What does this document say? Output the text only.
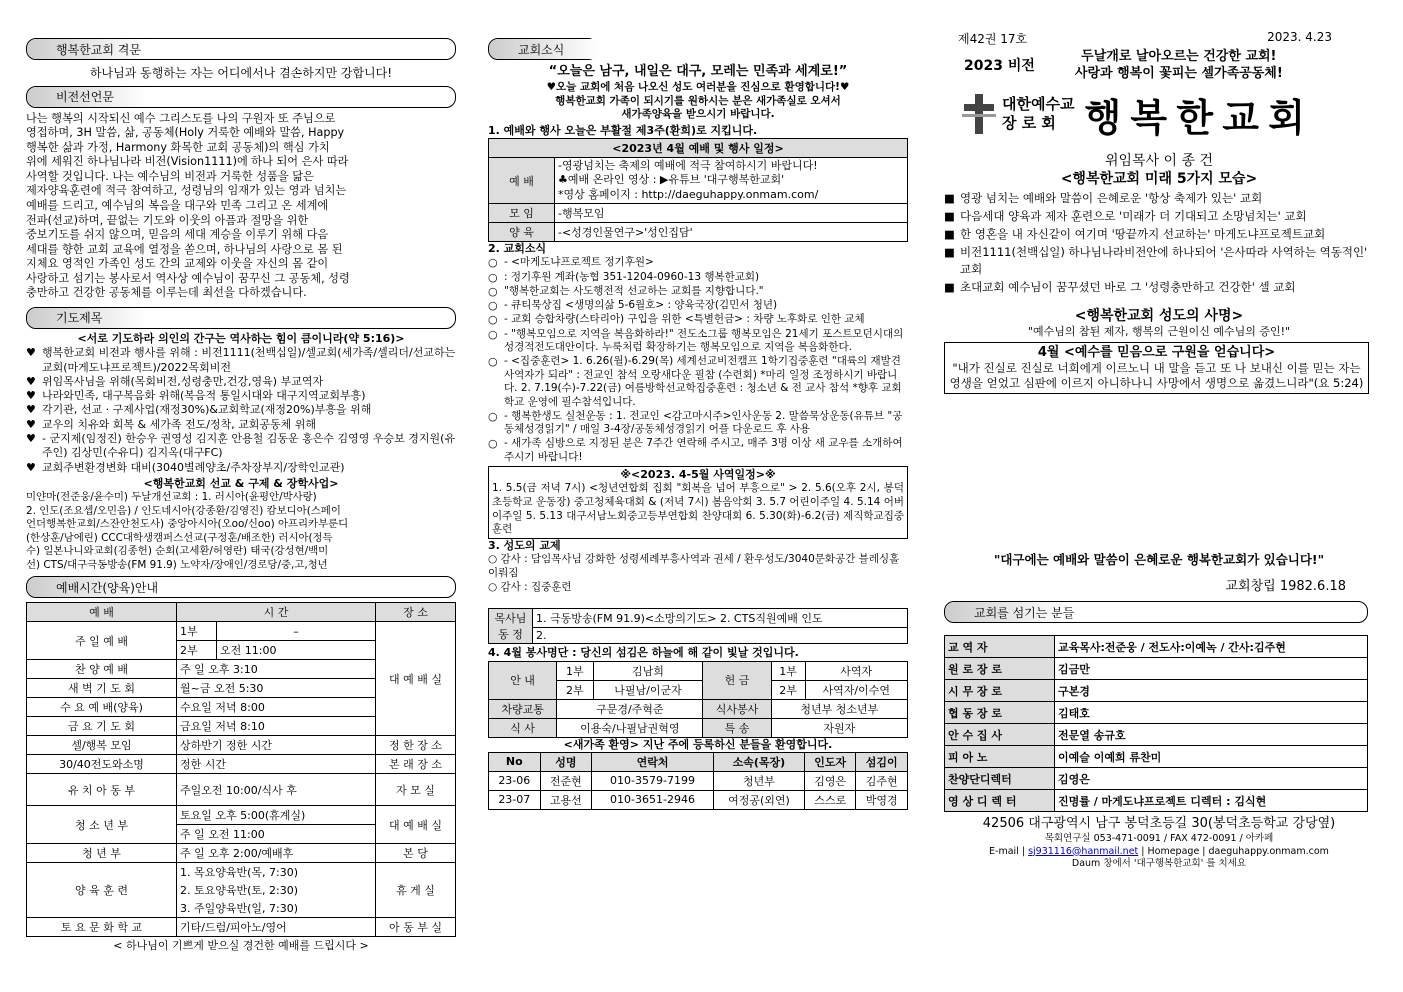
행복한교회 격문

하나님과 동행하는 자는 어디에서나 겸손하지만 강합니다!

비전선언문

나는 행복의 시작되신 예수 그리스도를 나의 구원자 또 주님으로

영접하며, 3H 말씀, 삶, 공동체(Holy 거룩한 예배와 말씀, Happy

행복한 삶과 가정, Harmony 화목한 교회 공동체)의 핵심 가치

위에 세워진 하나님나라 비전(Vision1111)에 하나 되어 은사 따라

사역할 것입니다. 나는 예수님의 비전과 거룩한 성품을 닮은

제자양육훈련에 적극 참여하고, 성령님의 임재가 있는 영과 넘치는

예배를 드리고, 예수님의 복음을 대구와 민족 그리고 온 세계에

전파(선교)하며, 끝없는 기도와 이웃의 아픔과 절망을 위한

중보기도를 쉬지 않으며, 믿음의 세대 계승을 이루기 위해 다음

세대를 향한 교회 교육에 열정을 쏟으며, 하나님의 사랑으로 몸 된

지체요 영적인 가족인 성도 간의 교제와 이웃을 자신의 몸 같이

사랑하고 섬기는 봉사로서 역사상 예수님이 꿈꾸신 그 공동체, 성령

충만하고 건강한 공동체를 이루는데 최선을 다하겠습니다.

기도제목

<서로 기도하라 의인의 간구는 역사하는 힘이 큼이니라(약 5:16)>

♥ 행복한교회 비전과 행사를 위해 : 비전1111(천백십일)/셀교회(세가족/셀리더/선교하는교회(마게도냐프로젝트)/2022목회비전
♥ 위임목사님을 위해(목회비전,성령충만,건강,영육) 부교역자
♥ 나라와민족, 대구복음화 위해(복음적 통일시대와 대구지역교회부흥)
♥ 각기관, 선교 · 구제사업(재정30%)&교회학교(재정20%)부흥을 위해
♥ 교우의 치유와 회복 & 세가족 전도/정착, 교회공동체 위해
♥ - 군지제(임정진) 한승우 권영성 김지훈 안용철 김동운 홍은수 김영영 우승보 경지원(유주인) 김상민(수유디) 김지옥(대구FC)
♥ 교회주변환경변화 대비(3040별례양초/주차장부지/장학인교관)

<행복한교회 선교 & 구제 & 장학사업>

미얀마(전준웅/윤수미) 두날개선교회 : 1. 러시아(윤평안/박사랑)

2. 인도(조요셉/오민음) / 인도네시아(강종환/김영진) 캄보디아(스페이

언더행복한교회/스잔안천도사) 중앙아시아(오oo/신oo) 아프리카부룬디

(한상훈/남에린) CCC대학생캠퍼스선교(구정훈/배조한) 러시아(정득

수) 일본나니와교회(김종헌) 순회(고세환/허영란) 태국(강성현/백미

선) CTS/대구극동방송(FM 91.9) 노약자/장애인/경로당/중,고,청년

예배시간(양육)안내
예 배	시 간		장 소
주 일 예 배	1부	–	대 예 배 실
	2부	오전 11:00	
찬 양 예 배	주 일 오후 3:10		
새 벽 기 도 회	월~금 오전 5:30		
수 요 예 배(양육)	수요일 저녁 8:00		
금 요 기 도 회	금요일 저녁 8:10		
셀/행복 모임	상하반기 정한 시간		정 한 장 소
30/40전도와소명	정한 시간		본 래 장 소
유 치 아 동 부	주일오전 10:00/식사 후		자 모 실
청 소 년 부	토요일 오후 5:00(휴계실)		대 예 배 실
	주 일 오전 11:00		
청 년 부	주 일 오후 2:00/예배후		본 당
양 육 훈 련	1. 목요양육반(목, 7:30)		휴 게 실
	2. 토요양육반(토, 2:30)		
	3. 주일양육반(일, 7:30)		
토 요 문 화 학 교	기타/드럼/피아노/영어		아 동 부 실

< 하나님이 기쁘게 받으실 경건한 예배를 드립시다 >

교회소식

“오늘은 남구, 내일은 대구, 모레는 민족과 세계로!”

♥오늘 교회에 처음 나오신 성도 여러분을 진심으로 환영합니다!♥

행복한교회 가족이 되시기를 원하시는 분은 새가족실로 오셔서

새가족양육을 받으시기 바랍니다.

1. 예배와 행사 오늘은 부활절 제3주(환희)로 지킵니다.

<2023년 4월 예배 및 행사 일정>	
예 배	-영광넘치는 축제의 예배에 적극 참여하시기 바랍니다!

♣예배 온라인 영상 : ▶유튜브 '대구행복한교회'

*영상 홈페이지 : http://daeguhappy.onmam.com/

모 임	-행복모임
양 육	-<성경인물연구>'성인집담'

2. 교회소식

○ - <마게도냐프로젝트 정기후원>
○ : 정기후원 계좌(농협 351-1204-0960-13 행복한교회)
○ "행복한교회는 사도행전적 선교하는 교회를 지향합니다."
○ - 큐티묵상집 <생명의삶 5-6월호> : 양육국장(김민서 청년)
○ - 교회 승합차량(스타리아) 구입을 위한 <특별헌금> : 차량 노후화로 인한 교체
○ - "행복모임으로 지역을 복음화하라!" 전도소그룹 행복모임은 21세기 포스트모던시대의 성경적전도대안이다. 누룩처럼 확장하기는 행복모임으로 지역을 복음화한다.
○ - <집중훈련> 1. 6.26(월)-6.29(목) 세계선교비전캠프 1학기집중훈련 "대륙의 재발견 사역자가 되라" : 전교인 참석 오랑새다운 필참 (수련회) *마리 일정 조정하시기 바랍니다. 2. 7.19(수)-7.22(금) 여름방학선교학집중훈련 : 청소년 & 전 교사 참석 *향후 교회학교 운영에 필수참석입니다.
○ - 행복한생도 실천운동 : 1. 전교인 <감고마시주>인사운동 2. 말씀묵상운동(유튜브 "공동체성경읽기" / 매일 3-4장/공동체성경읽기 어플 다운로드 후 사용
○ - 새가족 심방으로 지정된 분은 7주간 연락해 주시고, 매주 3명 이상 새 교우를 소개하여 주시기 바랍니다!

※<2023. 4-5월 사역일정>※

1. 5.5(금 저녁 7시) <청년연합회 집회 "회복을 넘어 부흥으로" > 2. 5.6(오후 2시, 봉덕초등학교 운동장) 중고청체육대회 & (저녁 7시) 봄음악회 3. 5.7 어린이주일 4. 5.14 어버이주일 5. 5.13 대구서남노회중고등부연합회 찬양대회 6. 5.30(화)-6.2(금) 제직학교집중훈련

3. 성도의 교제

○ 감사 : 담임목사님 강화한 성령세례부흥사역과 권세 / 환우성도/3040문화공간 블레싱홀 이뤄짐

○ 감사 : 집중훈련

목사님 동 정	1. 극동방송(FM 91.9)<소망의기도> 2. CTS직원예배 인도
2.

4. 4월 봉사명단 : 당신의 섬김은 하늘에 해 같이 빛날 것입니다.

안 내	1부	김남희	헌 금	1부	사역자
	2부	나필남/이군자		2부	사역자/이수연
차량교통	구문경/주혁준		식사봉사	청년부 청소년부	
식 사	이용숙/나필남권혁영		특 송	자원자	

<새가족 환영> 지난 주에 등록하신 분들을 환영합니다.

No	성명	연락처	소속(목장)	인도자	섬김이
23-06	전준현	010-3579-7199	청년부	김영은	김주현
23-07	고용선	010-3651-2946	여정공(외연)	스스로	박영경
제42권 17호	2023. 4.23
2023 비전

두날개로 날아오르는 건강한 교회!

사랑과 행복이 꽃피는 셀가족공동체!

대한예수교

장 로 회 행 복 한 교 회

위임목사 이 종 건

<행복한교회 미래 5가지 모습>

■ 영광 넘치는 예배와 말씀이 은혜로운 '항상 축제가 있는' 교회
■ 다음세대 양육과 제자 훈련으로 '미래가 더 기대되고 소망넘치는' 교회
■ 한 영혼을 내 자신같이 여기며 '땅끝까지 선교하는' 마게도냐프로젝트교회
■ 비전1111(천백십일) 하나님나라비전안에 하나되어 '은사따라 사역하는 역동적인' 교회
■ 초대교회 예수님이 꿈꾸셨던 바로 그 '성령충만하고 건강한' 셀 교회

<행복한교회 성도의 사명>

"예수님의 참된 제자, 행복의 근원이신 예수님의 증인!"

4월 <예수를 믿음으로 구원을 얻습니다>

"내가 진실로 진실로 너희에게 이르노니 내 말을 듣고 또 나 보내신 이를 믿는 자는 영생을 얻었고 심판에 이르지 아니하나니 사망에서 생명으로 옮겼느니라"(요 5:24)

"대구에는 예배와 말씀이 은혜로운 행복한교회가 있습니다!"

교회창립 1982.6.18

교회를 섬기는 분들
교 역 자	교육목사:전준웅 / 전도사:이예녹 / 간사:김주현
원 로 장 로	김금만
시 무 장 로	구본경
협 동 장 로	김태호
안 수 집 사	전문열 송규호
피 아 노	이예슬 이예희 류찬미
찬양단디렉터	김영은
영 상 디 렉 터	진명률 / 마게도냐프로젝트 디렉터 : 김식현

42506 대구광역시 남구 봉덕초등길 30(봉덕초등학교 강당옆)

목회연구실 053-471-0091 / FAX 472-0091 / 아카페

E-mail | sj931116@hanmail.net | Homepage | daeguhappy.onmam.com

Daum 창에서 '대구행복한교회' 를 치세요
